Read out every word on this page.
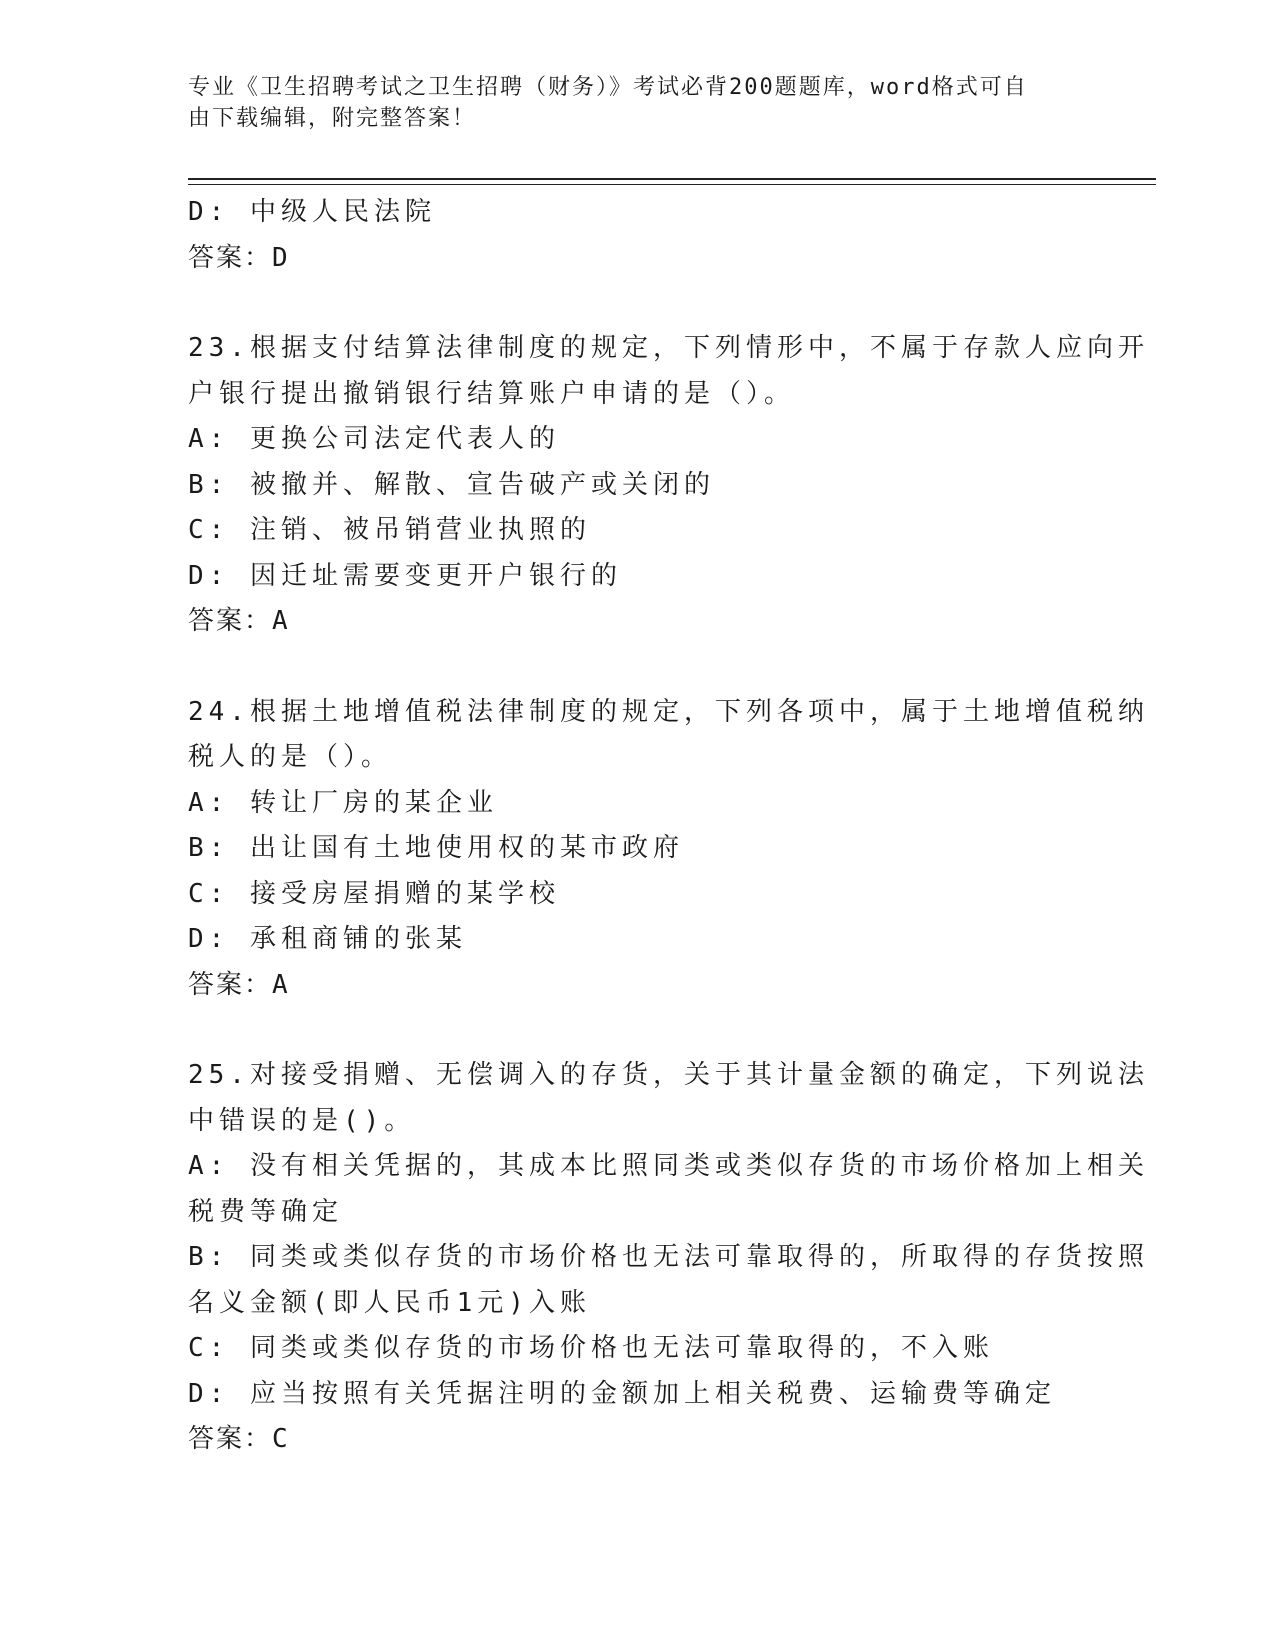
专业《卫生招聘考试之卫生招聘（财务）》考试必背200题题库，word格式可自
由下载编辑，附完整答案！
D: 中级人民法院
答案：D
23.根据支付结算法律制度的规定，下列情形中，不属于存款人应向开
户银行提出撤销银行结算账户申请的是（）。
A: 更换公司法定代表人的
B: 被撤并、解散、宣告破产或关闭的
C: 注销、被吊销营业执照的
D: 因迁址需要变更开户银行的
答案：A
24.根据土地增值税法律制度的规定，下列各项中，属于土地增值税纳
税人的是（）。
A: 转让厂房的某企业
B: 出让国有土地使用权的某市政府
C: 接受房屋捐赠的某学校
D: 承租商铺的张某
答案：A
25.对接受捐赠、无偿调入的存货，关于其计量金额的确定，下列说法
中错误的是()。
A: 没有相关凭据的，其成本比照同类或类似存货的市场价格加上相关
税费等确定
B: 同类或类似存货的市场价格也无法可靠取得的，所取得的存货按照
名义金额(即人民币1元)入账
C: 同类或类似存货的市场价格也无法可靠取得的，不入账
D: 应当按照有关凭据注明的金额加上相关税费、运输费等确定
答案：C
